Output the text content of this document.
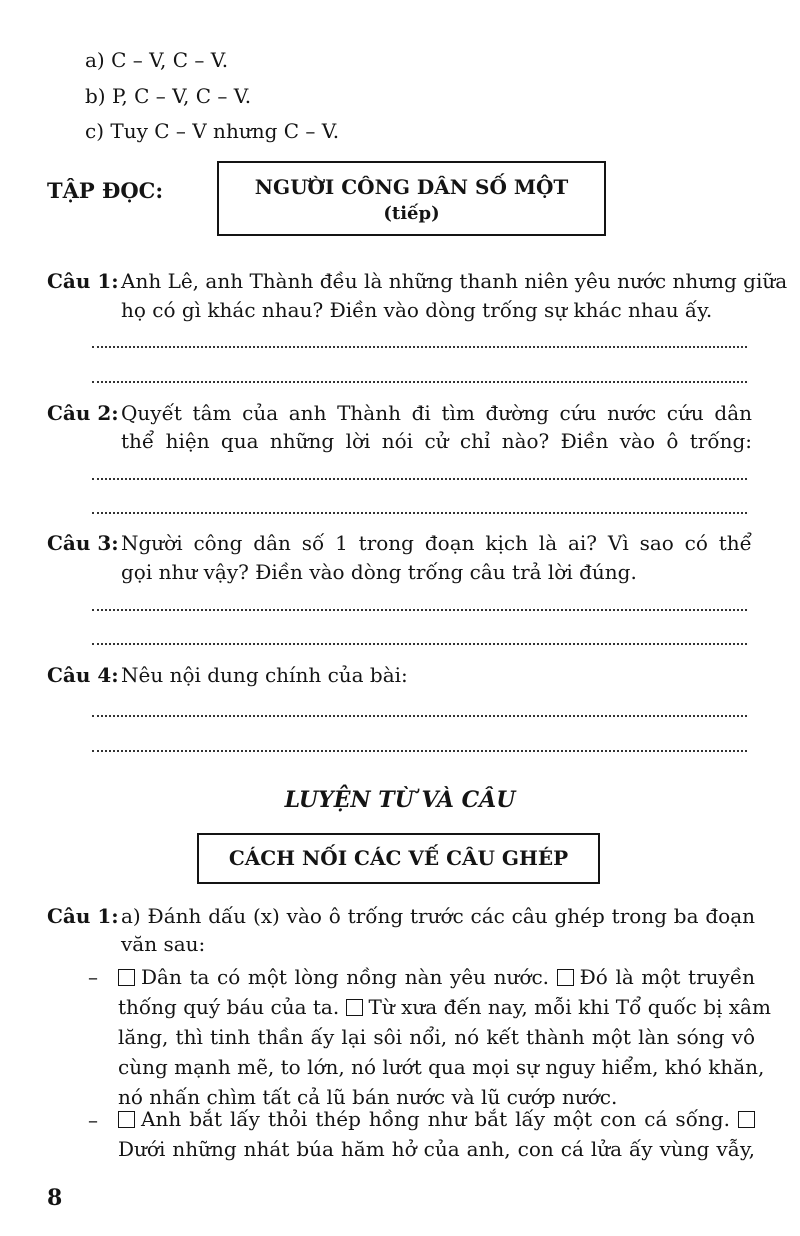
a) C – V, C – V.
b) P, C – V, C – V.
c) Tuy C – V nhưng C – V.
TẬP ĐỌC:	NGƯỜI CÔNG DÂN SỐ MỘT
(tiếp)
Câu 1: Anh Lê, anh Thành đều là những thanh niên yêu nước nhưng giữa
họ có gì khác nhau? Điền vào dòng trống sự khác nhau ấy.
Câu 2: Quyết tâm của anh Thành đi tìm đường cứu nước cứu dân
thể hiện qua những lời nói cử chỉ nào? Điền vào ô trống:
Câu 3: Người công dân số 1 trong đoạn kịch là ai? Vì sao có thể
gọi như vậy? Điền vào dòng trống câu trả lời đúng.
Câu 4: Nêu nội dung chính của bài:
LUYỆN TỪ VÀ CÂU
CÁCH NỐI CÁC VẾ CÂU GHÉP
Câu 1: a) Đánh dấu (x) vào ô trống trước các câu ghép trong ba đoạn
văn sau:
–	Dân ta có một lòng nồng nàn yêu nước. Đó là một truyền
thống quý báu của ta. Từ xưa đến nay, mỗi khi Tổ quốc bị xâm
lăng, thì tinh thần ấy lại sôi nổi, nó kết thành một làn sóng vô
cùng mạnh mẽ, to lớn, nó lướt qua mọi sự nguy hiểm, khó khăn,
nó nhấn chìm tất cả lũ bán nước và lũ cướp nước.
–	Anh bắt lấy thỏi thép hồng như bắt lấy một con cá sống.
Dưới những nhát búa hăm hở của anh, con cá lửa ấy vùng vẫy,
8
